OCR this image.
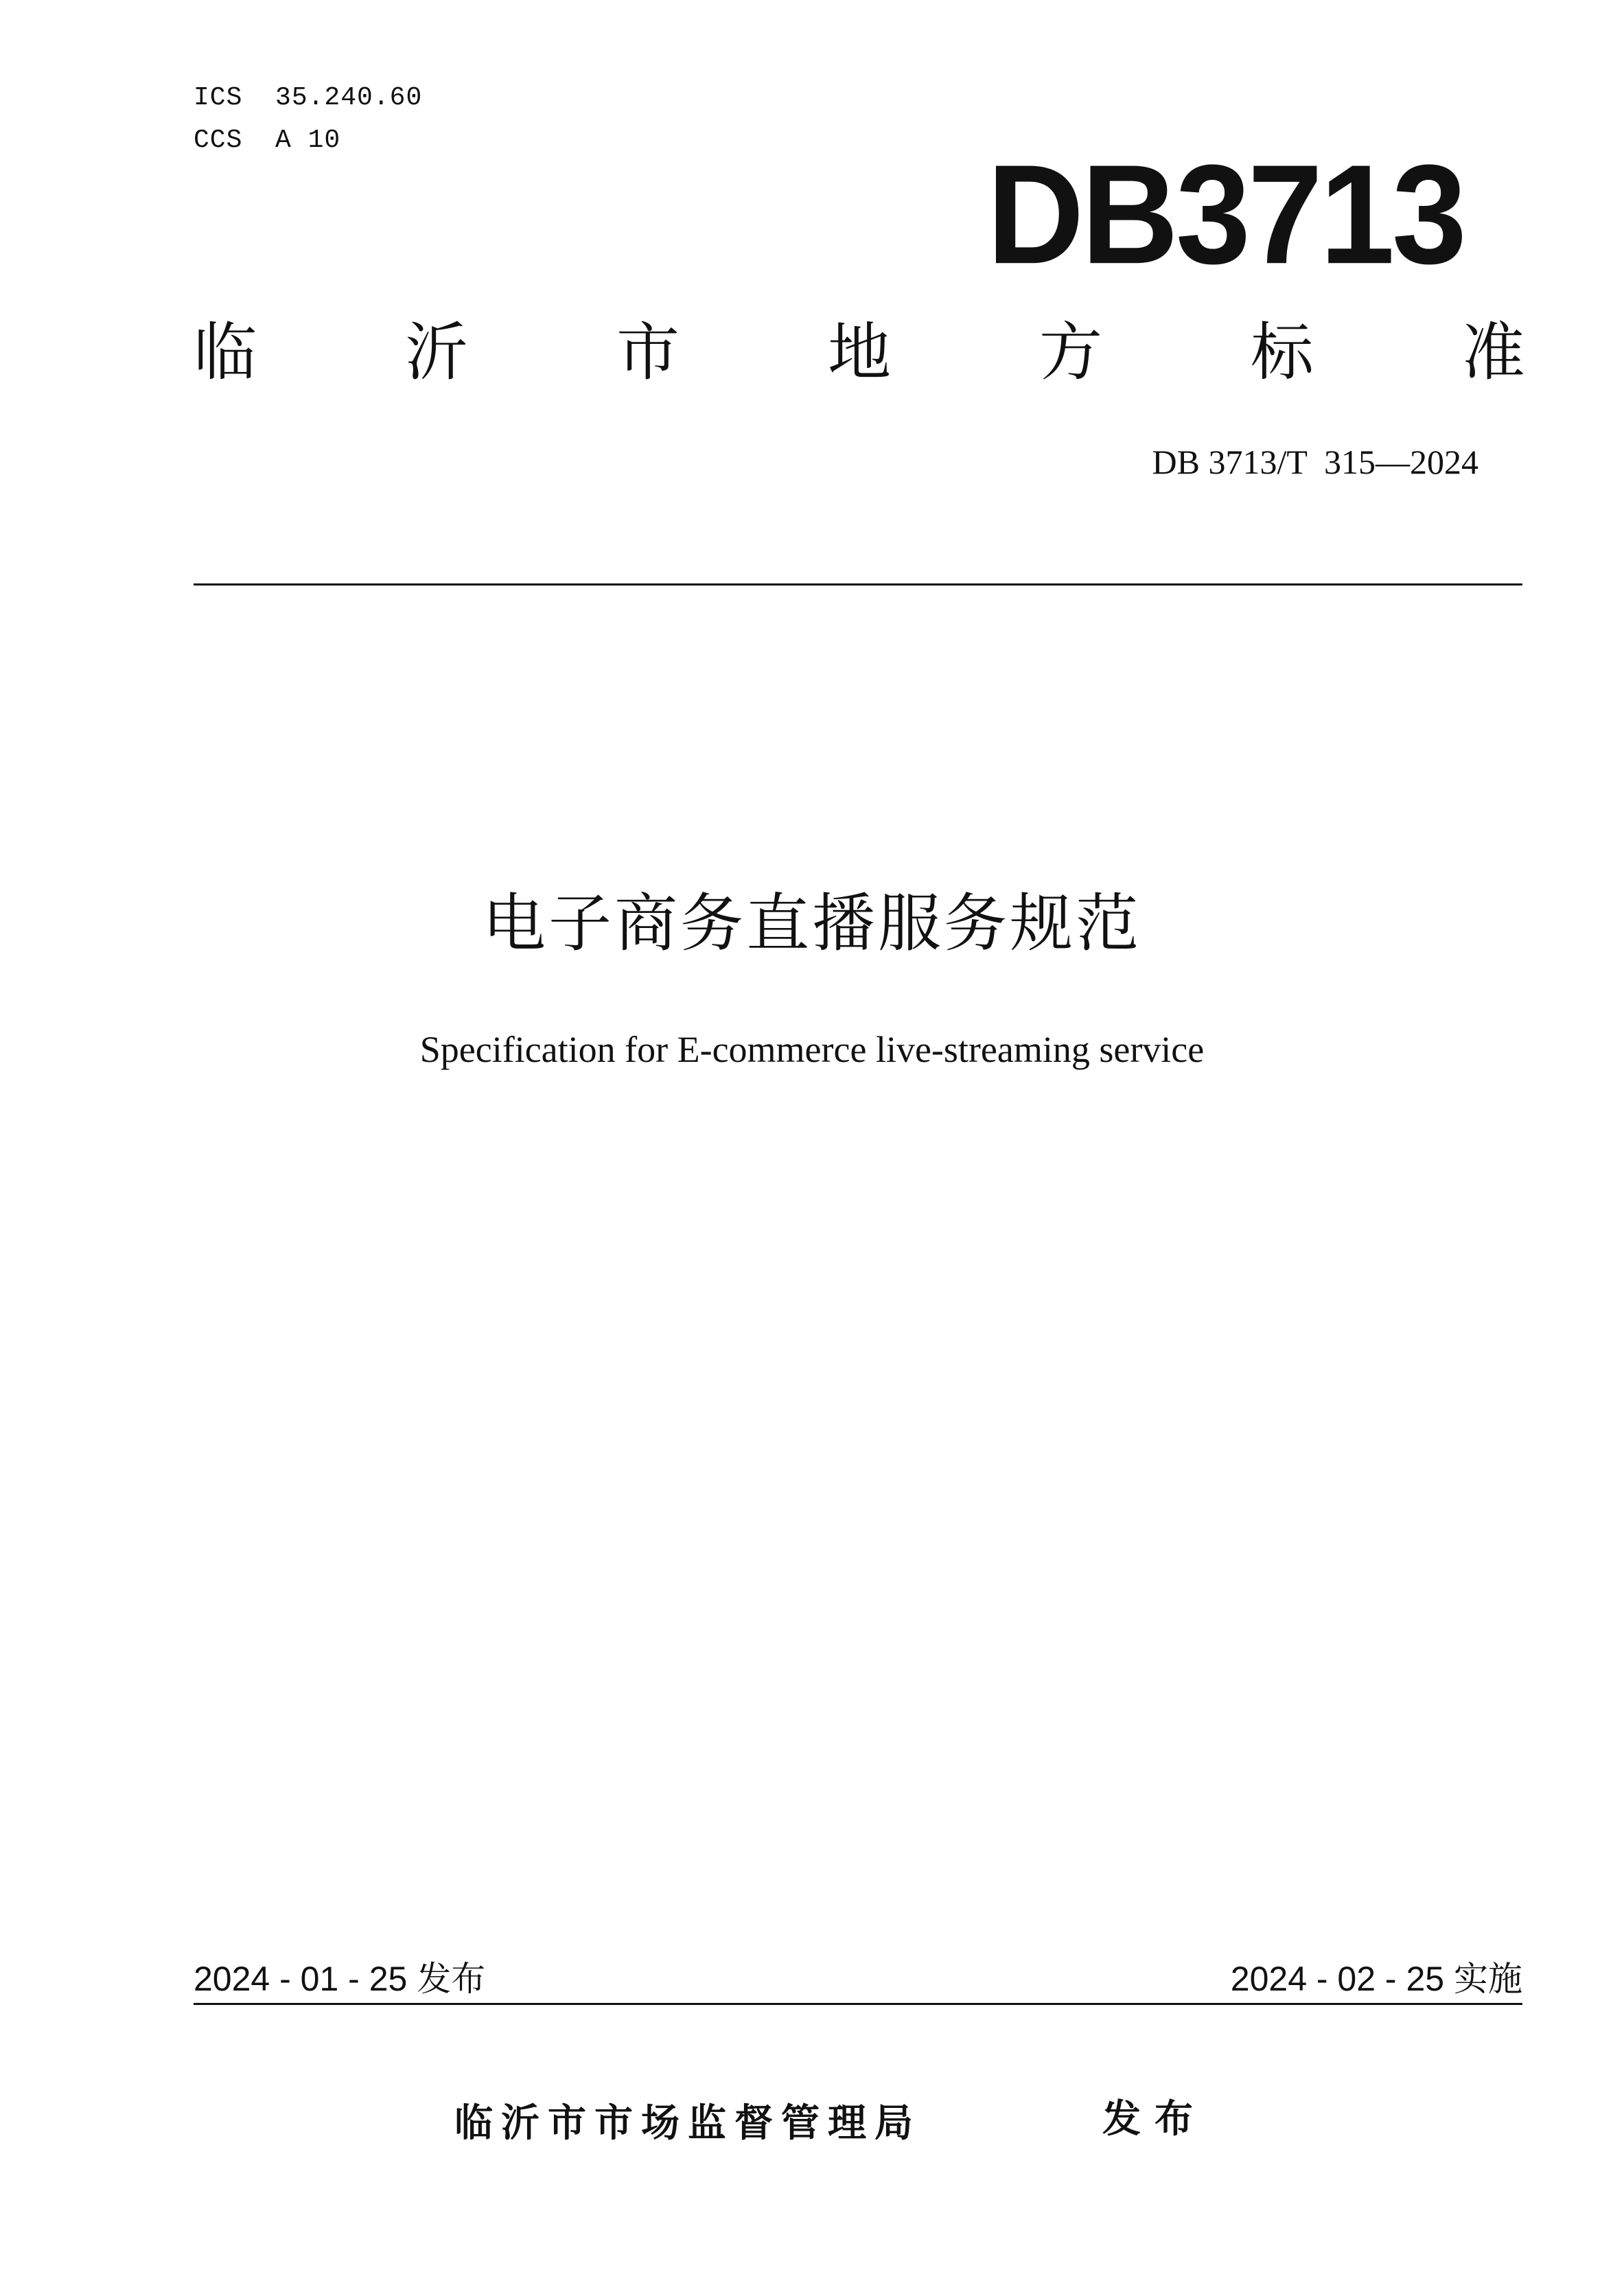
ICS  35.240.60
CCS  A 10	DB3713
临 沂 市 地 方 标 准
DB 3713/T  315—2024
电子商务直播服务规范
Specification for E-commerce live-streaming service
2024 - 01 - 25 发布	2024 - 02 - 25 实施
临沂市市场监督管理局	发布
